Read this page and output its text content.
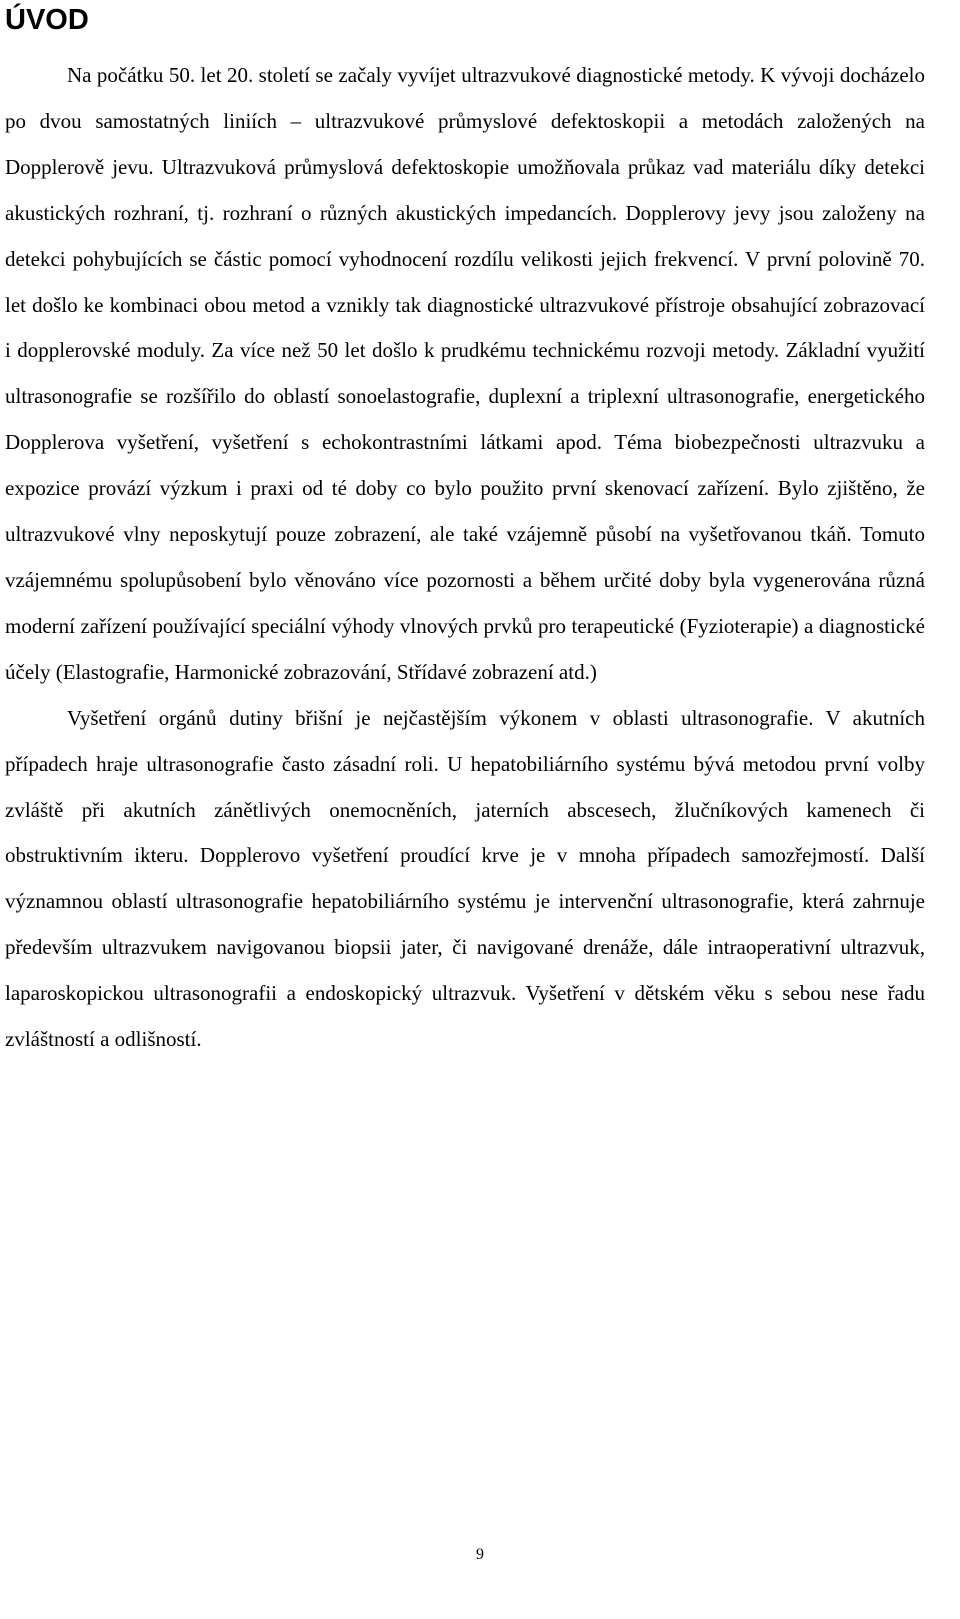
ÚVOD

Na počátku 50. let 20. století se začaly vyvíjet ultrazvukové diagnostické metody. K vývoji docházelo po dvou samostatných liniích – ultrazvukové průmyslové defektoskopii a metodách založených na Dopplerově jevu. Ultrazvuková průmyslová defektoskopie umožňovala průkaz vad materiálu díky detekci akustických rozhraní, tj. rozhraní o různých akustických impedancích. Dopplerovy jevy jsou založeny na detekci pohybujících se částic pomocí vyhodnocení rozdílu velikosti jejich frekvencí. V první polovině 70. let došlo ke kombinaci obou metod a vznikly tak diagnostické ultrazvukové přístroje obsahující zobrazovací i dopplerovské moduly. Za více než 50 let došlo k prudkému technickému rozvoji metody. Základní využití ultrasonografie se rozšířilo do oblastí sonoelastografie, duplexní a triplexní ultrasonografie, energetického Dopplerova vyšetření, vyšetření s echokontrastními látkami apod. Téma biobezpečnosti ultrazvuku a expozice provází výzkum i praxi od té doby co bylo použito první skenovací zařízení. Bylo zjištěno, že ultrazvukové vlny neposkytují pouze zobrazení, ale také vzájemně působí na vyšetřovanou tkáň. Tomuto vzájemnému spolupůsobení bylo věnováno více pozornosti a během určité doby byla vygenerována různá moderní zařízení používající speciální výhody vlnových prvků pro terapeutické (Fyzioterapie) a diagnostické účely (Elastografie, Harmonické zobrazování, Střídavé zobrazení atd.)

Vyšetření orgánů dutiny břišní je nejčastějším výkonem v oblasti ultrasonografie. V akutních případech hraje ultrasonografie často zásadní roli. U hepatobiliárního systému bývá metodou první volby zvláště při akutních zánětlivých onemocněních, jaterních abscesech, žlučníkových kamenech či obstruktivním ikteru. Dopplerovo vyšetření proudící krve je v mnoha případech samozřejmostí. Další významnou oblastí ultrasonografie hepatobiliárního systému je intervenční ultrasonografie, která zahrnuje především ultrazvukem navigovanou biopsii jater, či navigované drenáže, dále intraoperativní ultrazvuk, laparoskopickou ultrasonografii a endoskopický ultrazvuk. Vyšetření v dětském věku s sebou nese řadu zvláštností a odlišností.

9
